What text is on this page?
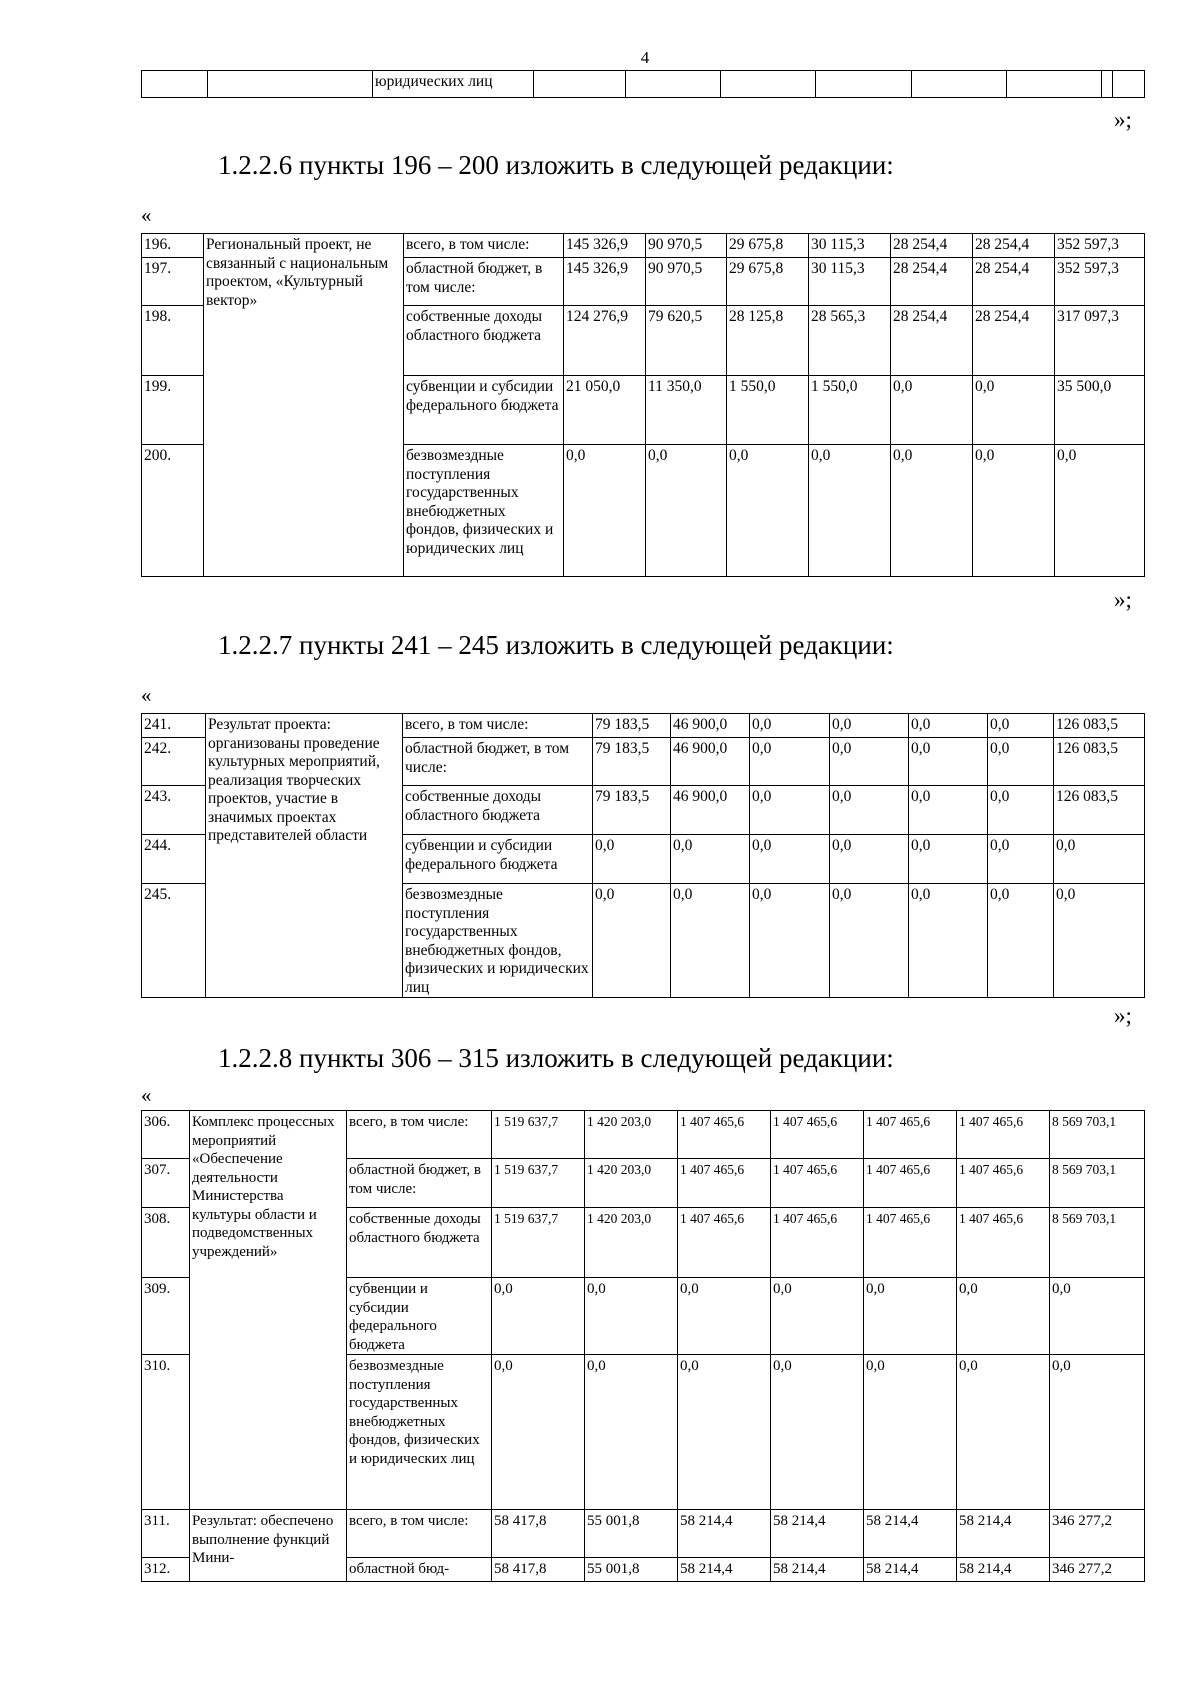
4
		юридических лиц								
»;
1.2.2.6 пункты 196 – 200 изложить в следующей редакции:
«
196.	Региональный проект, не связанный с национальным проектом, «Культурный вектор»	всего, в том числе:	145 326,9	90 970,5	29 675,8	30 115,3	28 254,4	28 254,4	352 597,3
197.		областной бюджет, в том числе:	145 326,9	90 970,5	29 675,8	30 115,3	28 254,4	28 254,4	352 597,3
198.		собственные доходы областного бюджета	124 276,9	79 620,5	28 125,8	28 565,3	28 254,4	28 254,4	317 097,3
199.		субвенции и субсидии федерального бюджета	21 050,0	11 350,0	1 550,0	1 550,0	0,0	0,0	35 500,0
200.		безвозмездные поступления государственных внебюджетных фондов, физических и юридических лиц	0,0	0,0	0,0	0,0	0,0	0,0	0,0
»;
1.2.2.7 пункты 241 – 245 изложить в следующей редакции:
«
241.	Результат проекта: организованы проведение культурных мероприятий, реализация творческих проектов, участие в значимых проектах представителей области	всего, в том числе:	79 183,5	46 900,0	0,0	0,0	0,0	0,0	126 083,5
242.		областной бюджет, в том числе:	79 183,5	46 900,0	0,0	0,0	0,0	0,0	126 083,5
243.		собственные доходы областного бюджета	79 183,5	46 900,0	0,0	0,0	0,0	0,0	126 083,5
244.		субвенции и субсидии федерального бюджета	0,0	0,0	0,0	0,0	0,0	0,0	0,0
245.		безвозмездные поступления государственных внебюджетных фондов, физических и юридических лиц	0,0	0,0	0,0	0,0	0,0	0,0	0,0
»;
1.2.2.8 пункты 306 – 315 изложить в следующей редакции:
«
306.	Комплекс процессных мероприятий «Обеспечение деятельности Министерства культуры области и подведомственных учреждений»	всего, в том числе:	1 519 637,7	1 420 203,0	1 407 465,6	1 407 465,6	1 407 465,6	1 407 465,6	8 569 703,1
307.		областной бюджет, в том числе:	1 519 637,7	1 420 203,0	1 407 465,6	1 407 465,6	1 407 465,6	1 407 465,6	8 569 703,1
308.		собственные доходы областного бюджета	1 519 637,7	1 420 203,0	1 407 465,6	1 407 465,6	1 407 465,6	1 407 465,6	8 569 703,1
309.		субвенции и субсидии федерального бюджета	0,0	0,0	0,0	0,0	0,0	0,0	0,0
310.		безвозмездные поступления государственных внебюджетных фондов, физических и юридических лиц	0,0	0,0	0,0	0,0	0,0	0,0	0,0
311.	Результат: обеспечено выполнение функций Мини-	всего, в том числе:	58 417,8	55 001,8	58 214,4	58 214,4	58 214,4	58 214,4	346 277,2
312.		областной бюд-	58 417,8	55 001,8	58 214,4	58 214,4	58 214,4	58 214,4	346 277,2
